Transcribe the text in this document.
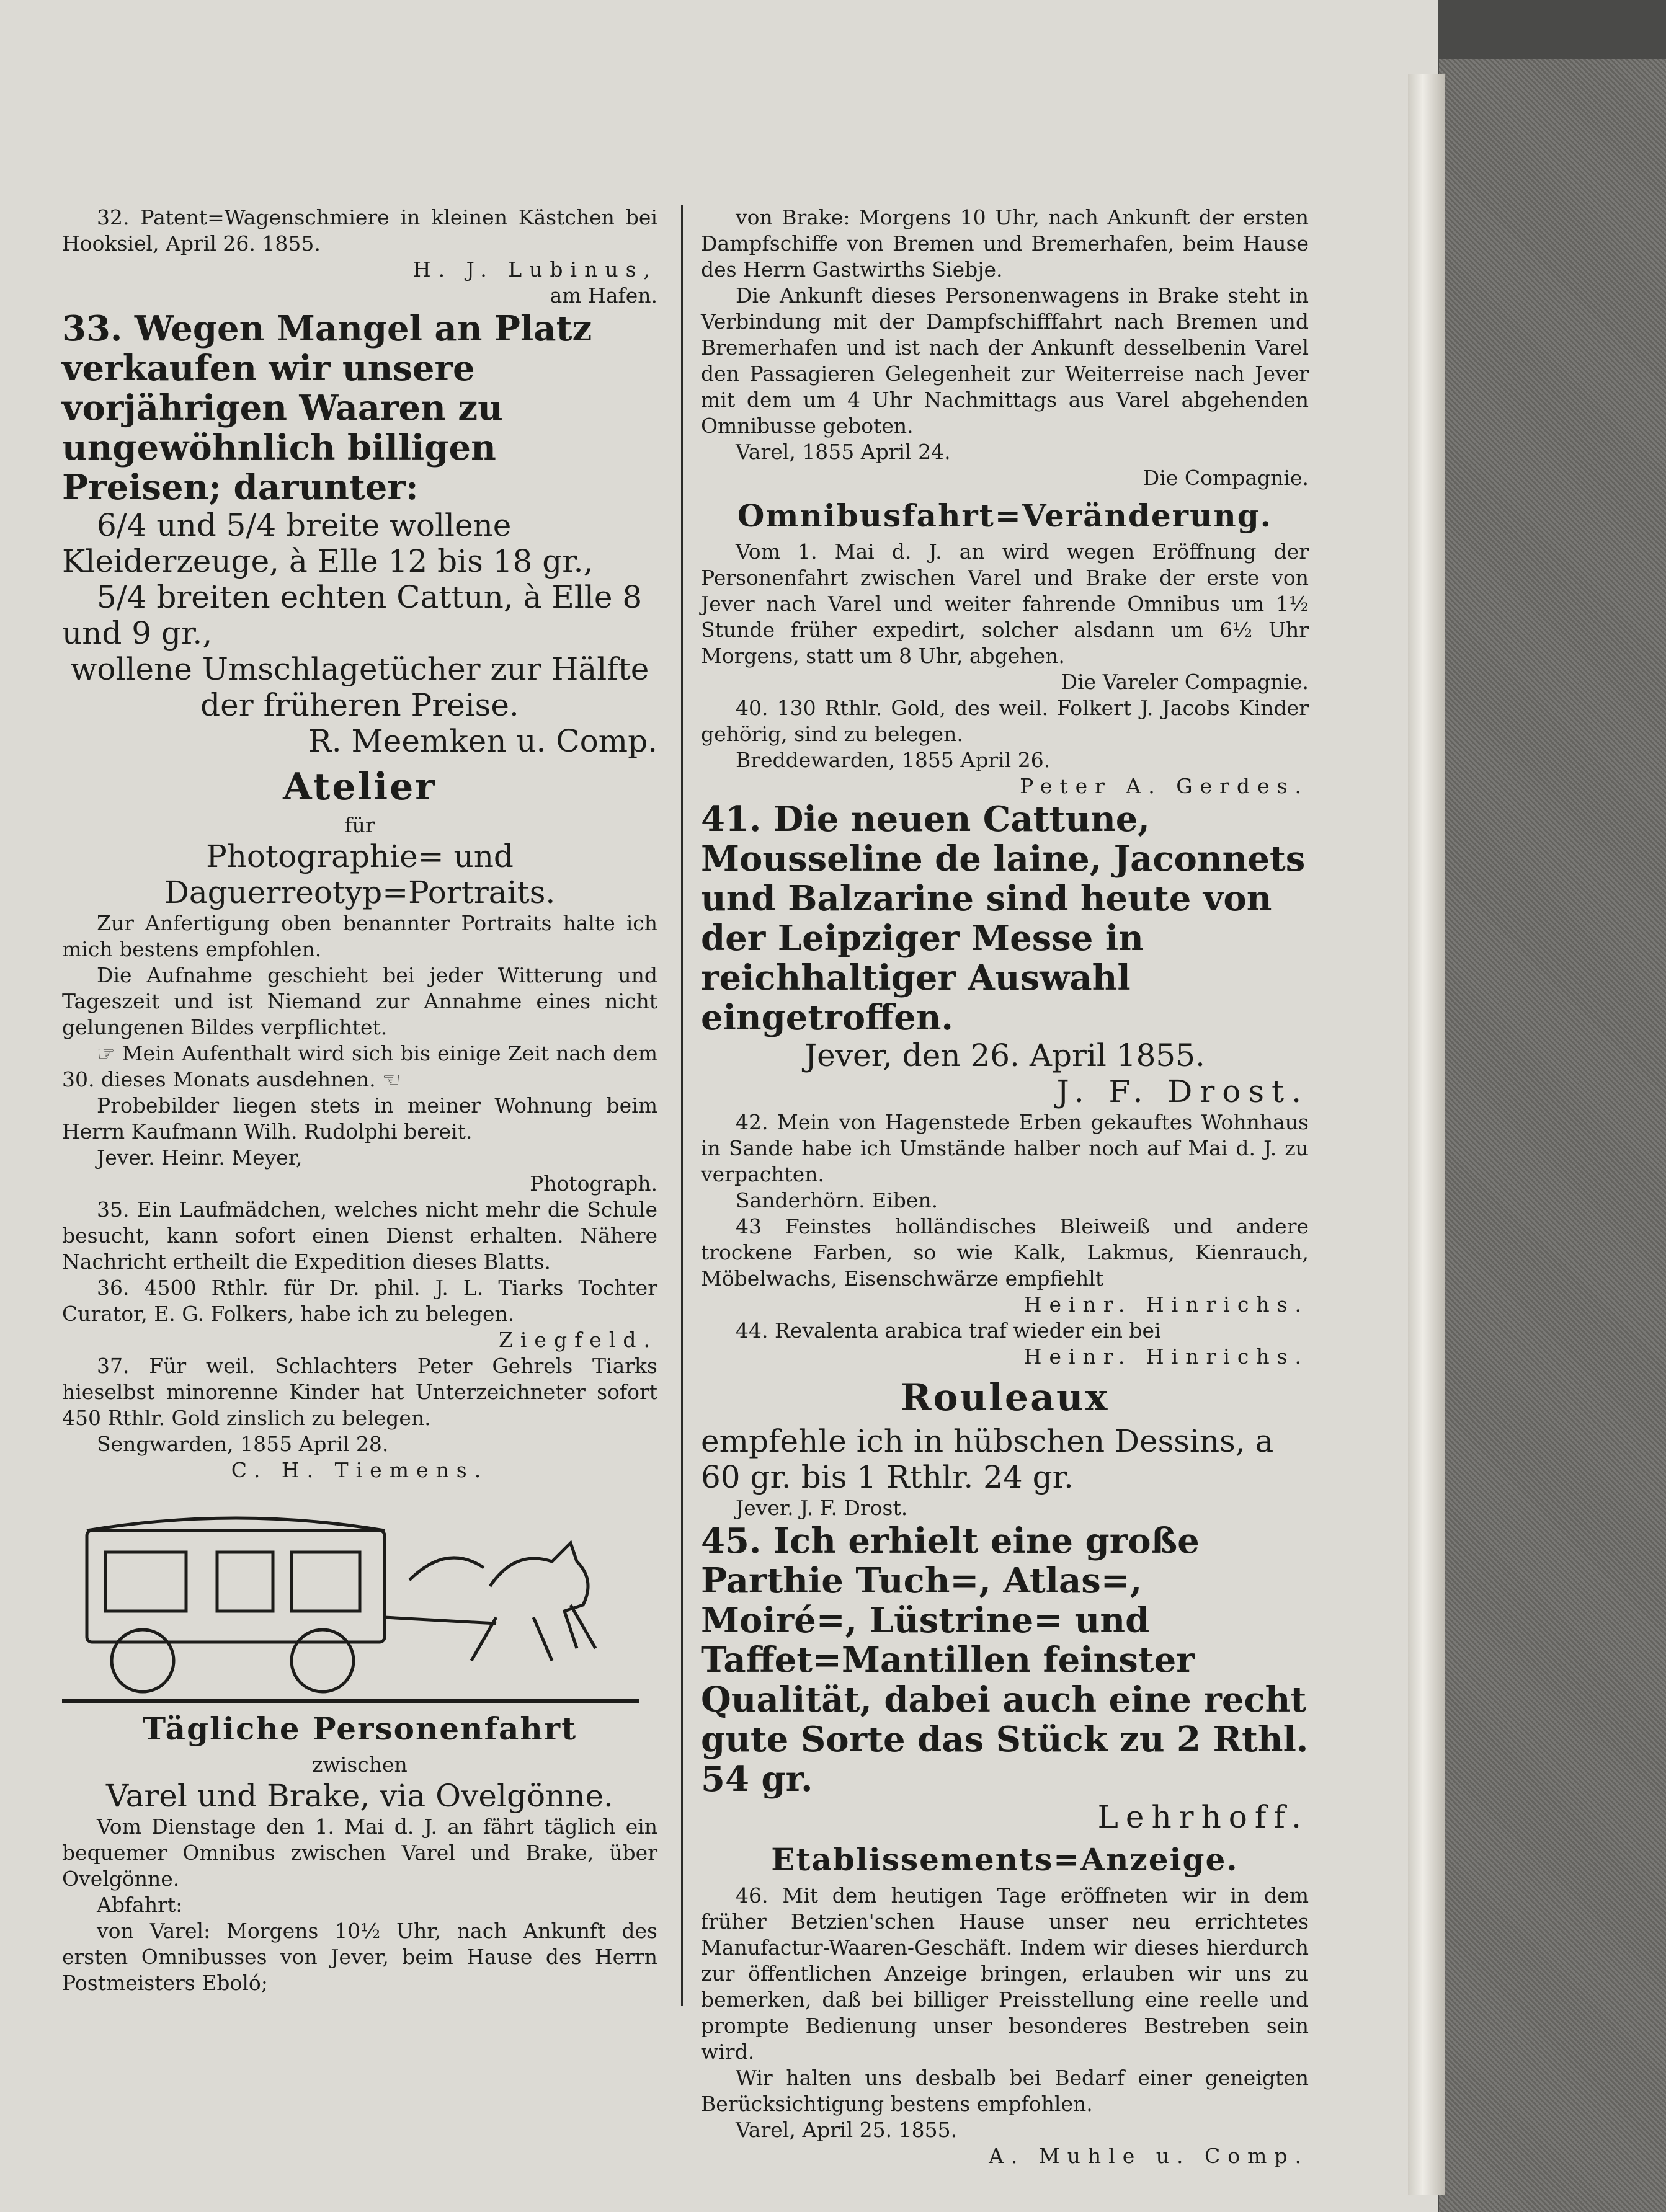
32. Patent=Wagenschmiere in kleinen Kästchen bei Hooksiel, April 26. 1855.

H. J. Lubinus,

am Hafen.

33. Wegen Mangel an Platz verkaufen wir unsere vorjährigen Waaren zu ungewöhnlich billigen Preisen; darunter:

6/4 und 5/4 breite wollene Kleiderzeuge, à Elle 12 bis 18 gr.,

5/4 breiten echten Cattun, à Elle 8 und 9 gr.,

wollene Umschlagetücher zur Hälfte der früheren Preise.

R. Meemken u. Comp.

Atelier

für

Photographie= und Daguerreotyp=Portraits.

Zur Anfertigung oben benannter Portraits halte ich mich bestens empfohlen.

Die Aufnahme geschieht bei jeder Witterung und Tageszeit und ist Niemand zur Annahme eines nicht gelungenen Bildes verpflichtet.

☞ Mein Aufenthalt wird sich bis einige Zeit nach dem 30. dieses Monats ausdehnen. ☜

Probebilder liegen stets in meiner Wohnung beim Herrn Kaufmann Wilh. Rudolphi bereit.

Jever. Heinr. Meyer,

Photograph.

35. Ein Laufmädchen, welches nicht mehr die Schule besucht, kann sofort einen Dienst erhalten. Nähere Nachricht ertheilt die Expedition dieses Blatts.

36. 4500 Rthlr. für Dr. phil. J. L. Tiarks Tochter Curator, E. G. Folkers, habe ich zu belegen.

Ziegfeld.

37. Für weil. Schlachters Peter Gehrels Tiarks hieselbst minorenne Kinder hat Unterzeichneter sofort 450 Rthlr. Gold zinslich zu belegen.

Sengwarden, 1855 April 28.

C. H. Tiemens.

Tägliche Personenfahrt

zwischen

Varel und Brake, via Ovelgönne.

Vom Dienstage den 1. Mai d. J. an fährt täglich ein bequemer Omnibus zwischen Varel und Brake, über Ovelgönne.

Abfahrt:

von Varel: Morgens 10½ Uhr, nach Ankunft des ersten Omnibusses von Jever, beim Hause des Herrn Postmeisters Eboló;

von Brake: Morgens 10 Uhr, nach Ankunft der ersten Dampfschiffe von Bremen und Bremerhafen, beim Hause des Herrn Gastwirths Siebje.

Die Ankunft dieses Personenwagens in Brake steht in Verbindung mit der Dampfschifffahrt nach Bremen und Bremerhafen und ist nach der Ankunft desselbenin Varel den Passagieren Gelegenheit zur Weiterreise nach Jever mit dem um 4 Uhr Nachmittags aus Varel abgehenden Omnibusse geboten.

Varel, 1855 April 24.

Die Compagnie.

Omnibusfahrt=Veränderung.

Vom 1. Mai d. J. an wird wegen Eröffnung der Personenfahrt zwischen Varel und Brake der erste von Jever nach Varel und weiter fahrende Omnibus um 1½ Stunde früher expedirt, solcher alsdann um 6½ Uhr Morgens, statt um 8 Uhr, abgehen.

Die Vareler Compagnie.

40. 130 Rthlr. Gold, des weil. Folkert J. Jacobs Kinder gehörig, sind zu belegen.

Breddewarden, 1855 April 26.

Peter A. Gerdes.

41. Die neuen Cattune, Mousseline de laine, Jaconnets und Balzarine sind heute von der Leipziger Messe in reichhaltiger Auswahl eingetroffen.

Jever, den 26. April 1855.

J. F. Drost.

42. Mein von Hagenstede Erben gekauftes Wohnhaus in Sande habe ich Umstände halber noch auf Mai d. J. zu verpachten.

Sanderhörn. Eiben.

43 Feinstes holländisches Bleiweiß und andere trockene Farben, so wie Kalk, Lakmus, Kienrauch, Möbelwachs, Eisenschwärze empfiehlt

Heinr. Hinrichs.

44. Revalenta arabica traf wieder ein bei

Heinr. Hinrichs.

Rouleaux

empfehle ich in hübschen Dessins, a 60 gr. bis 1 Rthlr. 24 gr.

Jever. J. F. Drost.

45. Ich erhielt eine große Parthie Tuch=, Atlas=, Moiré=, Lüstrine= und Taffet=Mantillen feinster Qualität, dabei auch eine recht gute Sorte das Stück zu 2 Rthl. 54 gr.

Lehrhoff.

Etablissements=Anzeige.

46. Mit dem heutigen Tage eröffneten wir in dem früher Betzien'schen Hause unser neu errichtetes Manufactur-Waaren-Geschäft. Indem wir dieses hierdurch zur öffentlichen Anzeige bringen, erlauben wir uns zu bemerken, daß bei billiger Preisstellung eine reelle und prompte Bedienung unser besonderes Bestreben sein wird.

Wir halten uns desbalb bei Bedarf einer geneigten Berücksichtigung bestens empfohlen.

Varel, April 25. 1855.

A. Muhle u. Comp.
